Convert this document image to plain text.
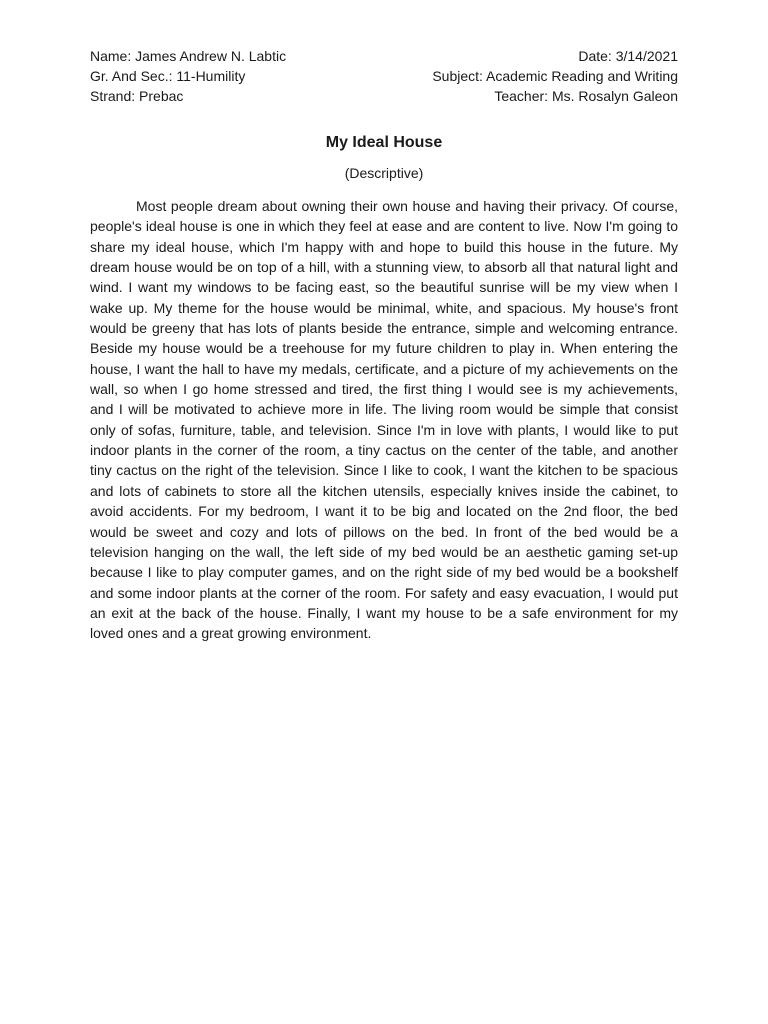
Name: James Andrew N. Labtic	Date: 3/14/2021
Gr. And Sec.: 11-Humility	Subject: Academic Reading and Writing
Strand: Prebac	Teacher: Ms. Rosalyn Galeon
My Ideal House
(Descriptive)

Most people dream about owning their own house and having their privacy. Of course, people's ideal house is one in which they feel at ease and are content to live. Now I'm going to share my ideal house, which I'm happy with and hope to build this house in the future. My dream house would be on top of a hill, with a stunning view, to absorb all that natural light and wind. I want my windows to be facing east, so the beautiful sunrise will be my view when I wake up. My theme for the house would be minimal, white, and spacious. My house's front would be greeny that has lots of plants beside the entrance, simple and welcoming entrance. Beside my house would be a treehouse for my future children to play in. When entering the house, I want the hall to have my medals, certificate, and a picture of my achievements on the wall, so when I go home stressed and tired, the first thing I would see is my achievements, and I will be motivated to achieve more in life. The living room would be simple that consist only of sofas, furniture, table, and television. Since I'm in love with plants, I would like to put indoor plants in the corner of the room, a tiny cactus on the center of the table, and another tiny cactus on the right of the television. Since I like to cook, I want the kitchen to be spacious and lots of cabinets to store all the kitchen utensils, especially knives inside the cabinet, to avoid accidents. For my bedroom, I want it to be big and located on the 2nd floor, the bed would be sweet and cozy and lots of pillows on the bed. In front of the bed would be a television hanging on the wall, the left side of my bed would be an aesthetic gaming set-up because I like to play computer games, and on the right side of my bed would be a bookshelf and some indoor plants at the corner of the room. For safety and easy evacuation, I would put an exit at the back of the house. Finally, I want my house to be a safe environment for my loved ones and a great growing environment.
